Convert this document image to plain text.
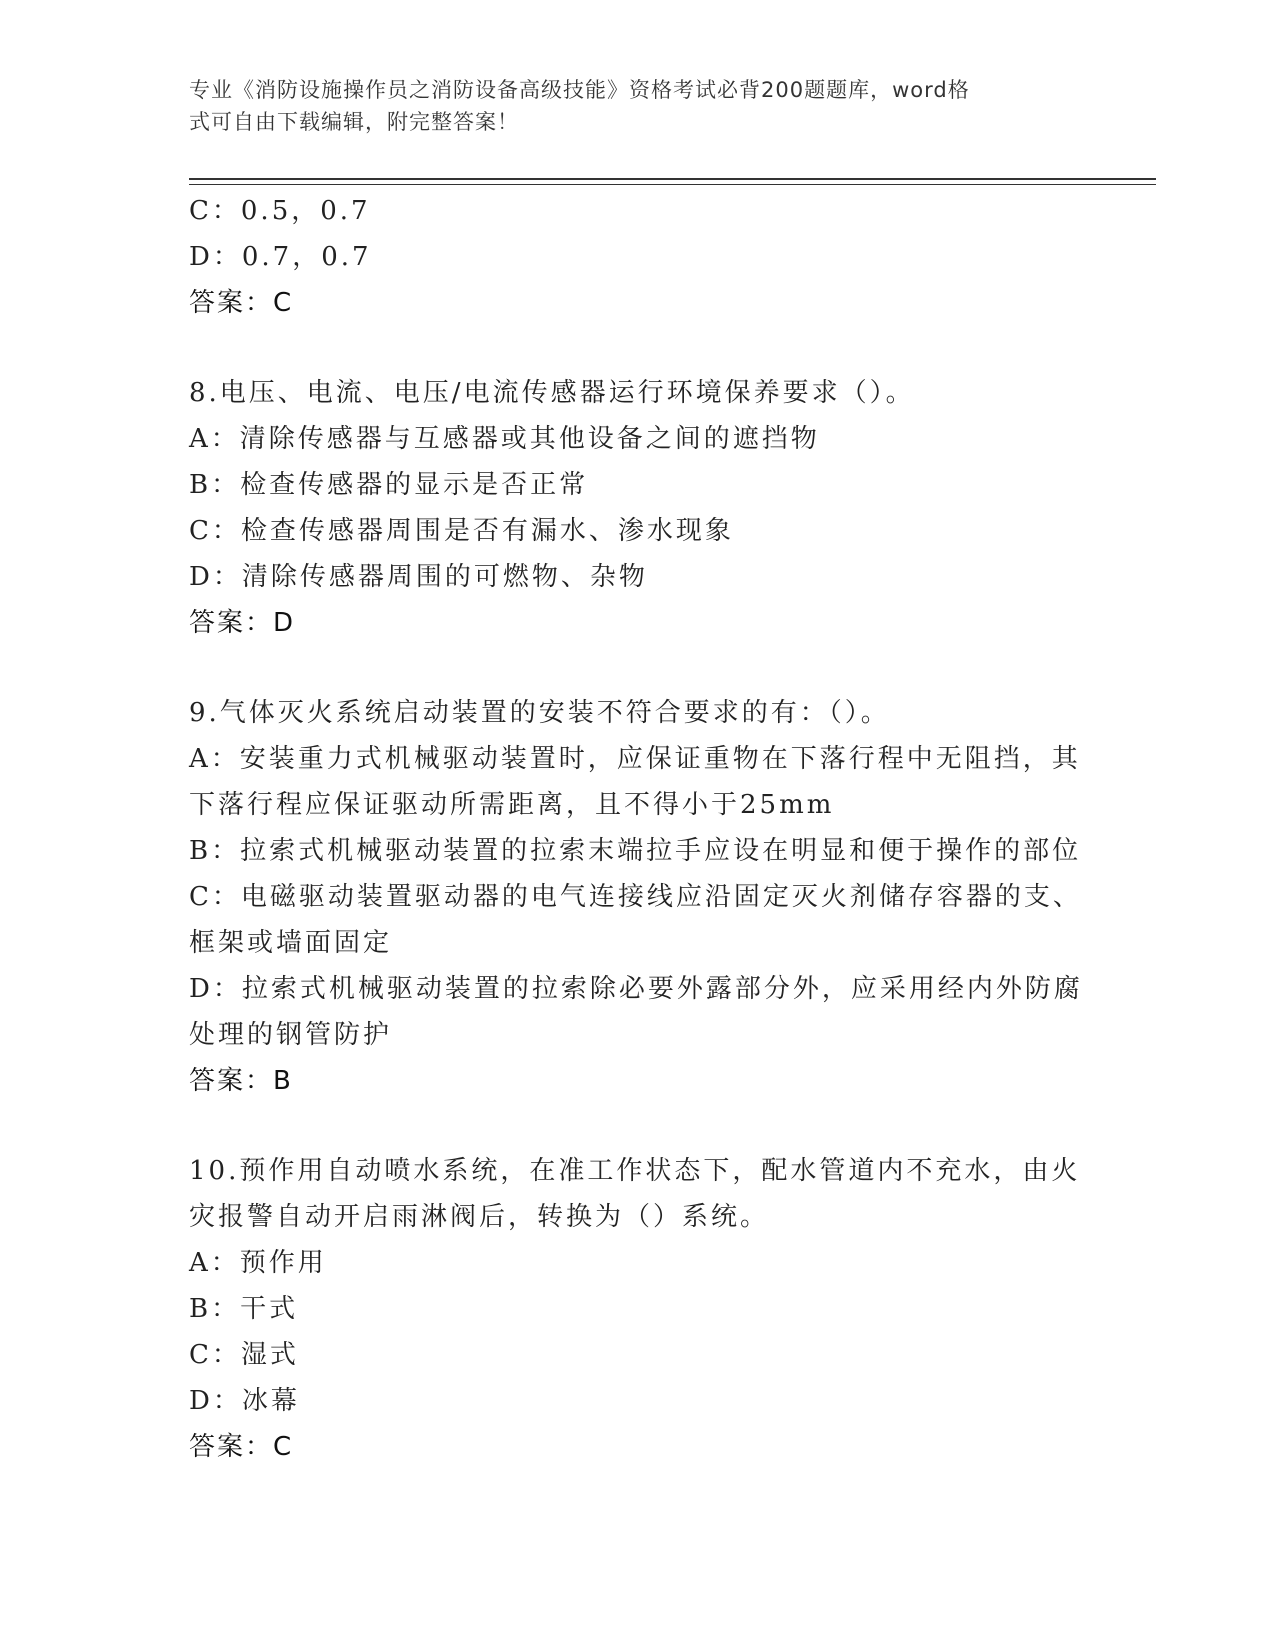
专业《消防设施操作员之消防设备高级技能》资格考试必背200题题库，word格
式可自由下载编辑，附完整答案！
C：0.5，0.7
D：0.7，0.7
答案：C
8.电压、电流、电压/电流传感器运行环境保养要求（）。
A：清除传感器与互感器或其他设备之间的遮挡物
B：检查传感器的显示是否正常
C：检查传感器周围是否有漏水、渗水现象
D：清除传感器周围的可燃物、杂物
答案：D
9.气体灭火系统启动装置的安装不符合要求的有：（）。
A：安装重力式机械驱动装置时，应保证重物在下落行程中无阻挡，其
下落行程应保证驱动所需距离，且不得小于25mm
B：拉索式机械驱动装置的拉索末端拉手应设在明显和便于操作的部位
C：电磁驱动装置驱动器的电气连接线应沿固定灭火剂储存容器的支、
框架或墙面固定
D：拉索式机械驱动装置的拉索除必要外露部分外，应采用经内外防腐
处理的钢管防护
答案：B
10.预作用自动喷水系统，在准工作状态下，配水管道内不充水，由火
灾报警自动开启雨淋阀后，转换为（）系统。
A：预作用
B：干式
C：湿式
D：冰幕
答案：C
